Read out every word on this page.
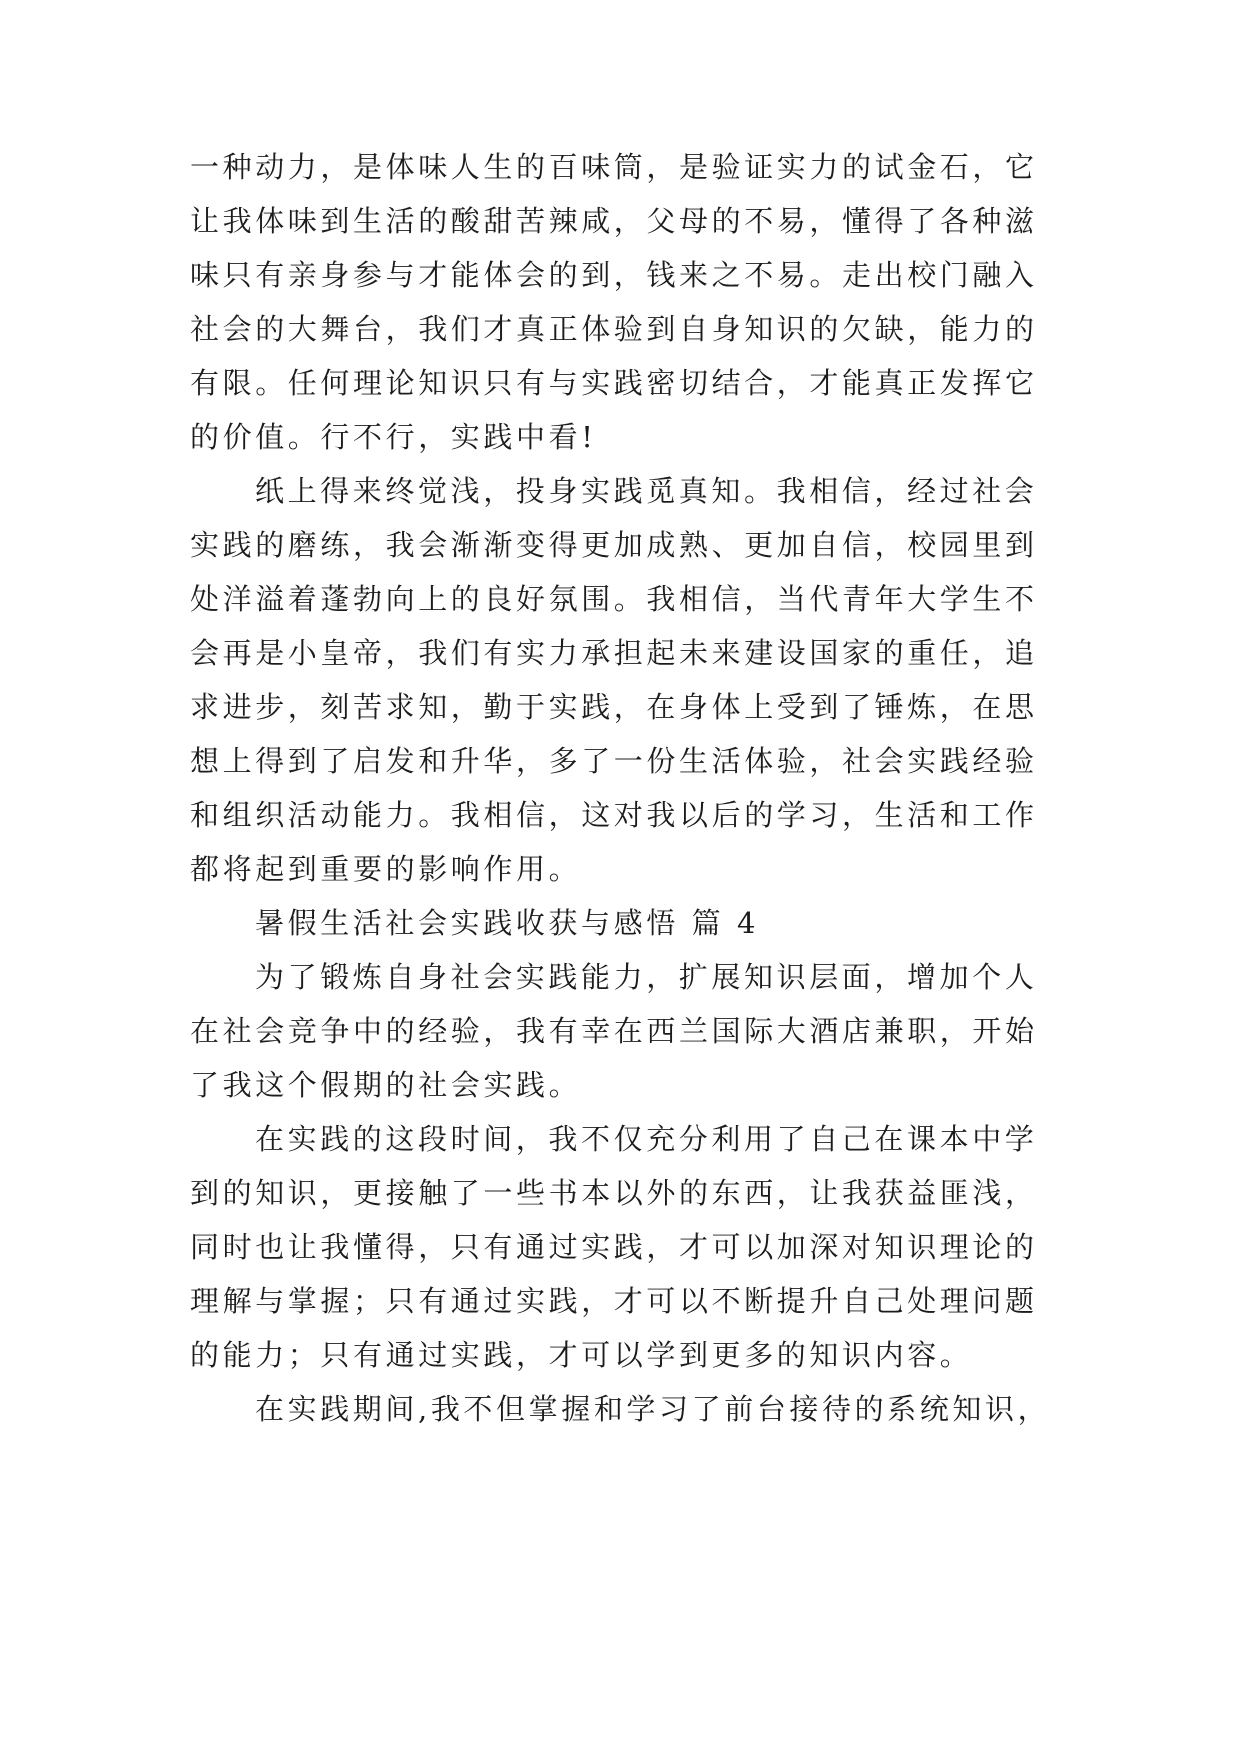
一种动力，是体味人生的百味筒，是验证实力的试金石，它

让我体味到生活的酸甜苦辣咸，父母的不易，懂得了各种滋

味只有亲身参与才能体会的到，钱来之不易。走出校门融入

社会的大舞台，我们才真正体验到自身知识的欠缺，能力的

有限。任何理论知识只有与实践密切结合，才能真正发挥它

的价值。行不行，实践中看!

纸上得来终觉浅，投身实践觅真知。我相信，经过社会

实践的磨练，我会渐渐变得更加成熟、更加自信，校园里到

处洋溢着蓬勃向上的良好氛围。我相信，当代青年大学生不

会再是小皇帝，我们有实力承担起未来建设国家的重任，追

求进步，刻苦求知，勤于实践，在身体上受到了锤炼，在思

想上得到了启发和升华，多了一份生活体验，社会实践经验

和组织活动能力。我相信，这对我以后的学习，生活和工作

都将起到重要的影响作用。

暑假生活社会实践收获与感悟 篇 4

为了锻炼自身社会实践能力，扩展知识层面，增加个人

在社会竞争中的经验，我有幸在西兰国际大酒店兼职，开始

了我这个假期的社会实践。

在实践的这段时间，我不仅充分利用了自己在课本中学

到的知识，更接触了一些书本以外的东西，让我获益匪浅，

同时也让我懂得，只有通过实践，才可以加深对知识理论的

理解与掌握；只有通过实践，才可以不断提升自己处理问题

的能力；只有通过实践，才可以学到更多的知识内容。

在实践期间,我不但掌握和学习了前台接待的系统知识，
